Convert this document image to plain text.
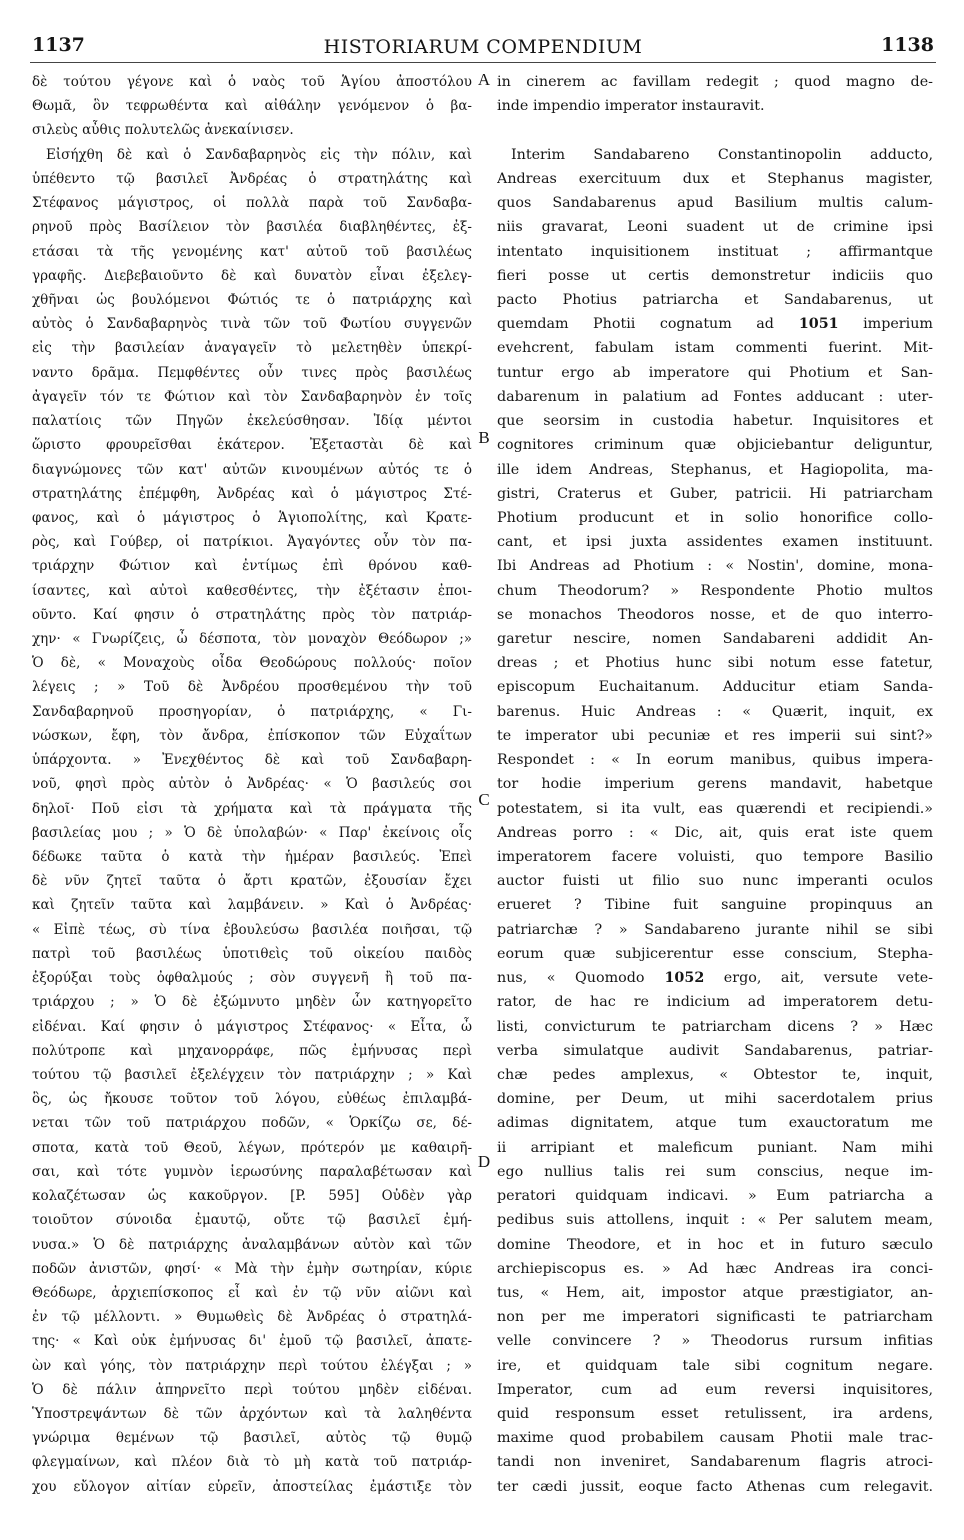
1137	HISTORIARUM COMPENDIUM	1138
δὲ τούτου γέγονε καὶ ὁ ναὸς τοῦ Ἁγίου ἀποστόλου
Θωμᾶ, ὃν τεφρωθέντα καὶ αἰθάλην γενόμενον ὁ βα-
σιλεὺς αὖθις πολυτελῶς ἀνεκαίνισεν.
Εἰσήχθη δὲ καὶ ὁ Σανδαβαρηνὸς εἰς τὴν πόλιν, καὶ
ὑπέθεντο τῷ βασιλεῖ Ἀνδρέας ὁ στρατηλάτης καὶ
Στέφανος μάγιστρος, οἱ πολλὰ παρὰ τοῦ Σανδαβα-
ρηνοῦ πρὸς Βασίλειον τὸν βασιλέα διαβληθέντες, ἐξ-
ετάσαι τὰ τῆς γενομένης κατ' αὐτοῦ τοῦ βασιλέως
γραφῆς. Διεβεβαιοῦντο δὲ καὶ δυνατὸν εἶναι ἐξελεγ-
χθῆναι ὡς βουλόμενοι Φώτιός τε ὁ πατριάρχης καὶ
αὐτὸς ὁ Σανδαβαρηνὸς τινὰ τῶν τοῦ Φωτίου συγγενῶν
εἰς τὴν βασιλείαν ἀναγαγεῖν τὸ μελετηθὲν ὑπεκρί-
ναντο δρᾶμα. Πεμφθέντες οὖν τινες πρὸς βασιλέως
ἀγαγεῖν τόν τε Φώτιον καὶ τὸν Σανδαβαρηνὸν ἐν τοῖς
παλατίοις τῶν Πηγῶν ἐκελεύσθησαν. Ἰδίᾳ μέντοι
ὥριστο φρουρεῖσθαι ἑκάτερον. Ἐξεταστὰι δὲ καὶ
διαγνώμονες τῶν κατ' αὐτῶν κινουμένων αὐτός τε ὁ
στρατηλάτης ἐπέμφθη, Ἀνδρέας καὶ ὁ μάγιστρος Στέ-
φανος, καὶ ὁ μάγιστρος ὁ Ἁγιοπολίτης, καὶ Κρατε-
ρὸς, καὶ Γούβερ, οἱ πατρίκιοι. Ἀγαγόντες οὖν τὸν πα-
τριάρχην Φώτιον καὶ ἐντίμως ἐπὶ θρόνου καθ-
ίσαντες, καὶ αὐτοὶ καθεσθέντες, τὴν ἐξέτασιν ἐποι-
οῦντο. Καί φησιν ὁ στρατηλάτης πρὸς τὸν πατριάρ-
χην· « Γνωρίζεις, ὦ δέσποτα, τὸν μοναχὸν Θεόδωρον ;»
Ὁ δὲ, « Μοναχοὺς οἶδα Θεοδώρους πολλούς· ποῖον
λέγεις ; » Τοῦ δὲ Ἀνδρέου προσθεμένου τὴν τοῦ
Σανδαβαρηνοῦ προσηγορίαν, ὁ πατριάρχης, « Γι-
νώσκων, ἔφη, τὸν ἄνδρα, ἐπίσκοπον τῶν Εὐχαΐτων
ὑπάρχοντα. » Ἐνεχθέντος δὲ καὶ τοῦ Σανδαβαρη-
νοῦ, φησὶ πρὸς αὐτὸν ὁ Ἀνδρέας· « Ὁ βασιλεύς σοι
δηλοῖ· Ποῦ εἰσι τὰ χρήματα καὶ τὰ πράγματα τῆς
βασιλείας μου ; » Ὁ δὲ ὑπολαβών· « Παρ' ἐκείνοις οἷς
δέδωκε ταῦτα ὁ κατὰ τὴν ἡμέραν βασιλεύς. Ἐπεὶ
δὲ νῦν ζητεῖ ταῦτα ὁ ἄρτι κρατῶν, ἐξουσίαν ἔχει
καὶ ζητεῖν ταῦτα καὶ λαμβάνειν. » Καὶ ὁ Ἀνδρέας·
« Εἰπὲ τέως, σὺ τίνα ἐβουλεύσω βασιλέα ποιῆσαι, τῷ
πατρὶ τοῦ βασιλέως ὑποτιθεὶς τοῦ οἰκείου παιδὸς
ἐξορύξαι τοὺς ὀφθαλμούς ; σὸν συγγενῆ ἢ τοῦ πα-
τριάρχου ; » Ὁ δὲ ἐξώμνυτο μηδὲν ὧν κατηγορεῖτο
εἰδέναι. Καί φησιν ὁ μάγιστρος Στέφανος· « Εἶτα, ὦ
πολύτροπε καὶ μηχανορράφε, πῶς ἐμήνυσας περὶ
τούτου τῷ βασιλεῖ ἐξελέγχειν τὸν πατριάρχην ; » Καὶ
ὃς, ὡς ἤκουσε τοῦτον τοῦ λόγου, εὐθέως ἐπιλαμβά-
νεται τῶν τοῦ πατριάρχου ποδῶν, « Ὁρκίζω σε, δέ-
σποτα, κατὰ τοῦ Θεοῦ, λέγων, πρότερόν με καθαιρῆ-
σαι, καὶ τότε γυμνὸν ἱερωσύνης παραλαβέτωσαν καὶ
κολαζέτωσαν ὡς κακοῦργον. [P. 595] Οὐδὲν γὰρ
τοιοῦτον σύνοιδα ἐμαυτῷ, οὔτε τῷ βασιλεῖ ἐμή-
νυσα.» Ὁ δὲ πατριάρχης ἀναλαμβάνων αὐτὸν καὶ τῶν
ποδῶν ἀνιστῶν, φησί· « Μὰ τὴν ἐμὴν σωτηρίαν, κύριε
Θεόδωρε, ἀρχιεπίσκοπος εἶ καὶ ἐν τῷ νῦν αἰῶνι καὶ
ἐν τῷ μέλλοντι. » Θυμωθεὶς δὲ Ἀνδρέας ὁ στρατηλά-
της· « Καὶ οὐκ ἐμήνυσας δι' ἐμοῦ τῷ βασιλεῖ, ἀπατε-
ὼν καὶ γόης, τὸν πατριάρχην περὶ τούτου ἐλέγξαι ; »
Ὁ δὲ πάλιν ἀπηρνεῖτο περὶ τούτου μηδὲν εἰδέναι.
Ὑποστρεψάντων δὲ τῶν ἀρχόντων καὶ τὰ λαληθέντα
γνώριμα θεμένων τῷ βασιλεῖ, αὐτὸς τῷ θυμῷ
φλεγμαίνων, καὶ πλέον διὰ τὸ μὴ κατὰ τοῦ πατριάρ-
χου εὔλογον αἰτίαν εὑρεῖν, ἀποστείλας ἐμάστιξε τὸν
A
B
C
D
in cinerem ac favillam redegit ; quod magno de-
inde impendio imperator instauravit.
Interim Sandabareno Constantinopolin adducto,
Andreas exercituum dux et Stephanus magister,
quos Sandabarenus apud Basilium multis calum-
niis gravarat, Leoni suadent ut de crimine ipsi
intentato inquisitionem instituat ; affirmantque
fieri posse ut certis demonstretur indiciis quo
pacto Photius patriarcha et Sandabarenus, ut
quemdam Photii cognatum ad 1051 imperium
evehcrent, fabulam istam commenti fuerint. Mit-
tuntur ergo ab imperatore qui Photium et San-
dabarenum in palatium ad Fontes adducant : uter-
que seorsim in custodia habetur. Inquisitores et
cognitores criminum quæ objiciebantur deliguntur,
ille idem Andreas, Stephanus, et Hagiopolita, ma-
gistri, Craterus et Guber, patricii. Hi patriarcham
Photium producunt et in solio honorifice collo-
cant, et ipsi juxta assidentes examen instituunt.
Ibi Andreas ad Photium : « Nostin', domine, mona-
chum Theodorum? » Respondente Photio multos
se monachos Theodoros nosse, et de quo interro-
garetur nescire, nomen Sandabareni addidit An-
dreas ; et Photius hunc sibi notum esse fatetur,
episcopum Euchaitanum. Adducitur etiam Sanda-
barenus. Huic Andreas : « Quærit, inquit, ex
te imperator ubi pecuniæ et res imperii sui sint?»
Respondet : « In eorum manibus, quibus impera-
tor hodie imperium gerens mandavit, habetque
potestatem, si ita vult, eas quærendi et recipiendi.»
Andreas porro : « Dic, ait, quis erat iste quem
imperatorem facere voluisti, quo tempore Basilio
auctor fuisti ut filio suo nunc imperanti oculos
erueret ? Tibine fuit sanguine propinquus an
patriarchæ ? » Sandabareno jurante nihil se sibi
eorum quæ subjicerentur esse conscium, Stepha-
nus, « Quomodo 1052 ergo, ait, versute vete-
rator, de hac re indicium ad imperatorem detu-
listi, convicturum te patriarcham dicens ? » Hæc
verba simulatque audivit Sandabarenus, patriar-
chæ pedes amplexus, « Obtestor te, inquit,
domine, per Deum, ut mihi sacerdotalem prius
adimas dignitatem, atque tum exauctoratum me
ii arripiant et maleficum puniant. Nam mihi
ego nullius talis rei sum conscius, neque im-
peratori quidquam indicavi. » Eum patriarcha a
pedibus suis attollens, inquit : « Per salutem meam,
domine Theodore, et in hoc et in futuro sæculo
archiepiscopus es. » Ad hæc Andreas ira conci-
tus, « Hem, ait, impostor atque præstigiator, an-
non per me imperatori significasti te patriarcham
velle convincere ? » Theodorus rursum infitias
ire, et quidquam tale sibi cognitum negare.
Imperator, cum ad eum reversi inquisitores,
quid responsum esset retulissent, ira ardens,
maxime quod probabilem causam Photii male trac-
tandi non inveniret, Sandabarenum flagris atroci-
ter cædi jussit, eoque facto Athenas cum relegavit.
